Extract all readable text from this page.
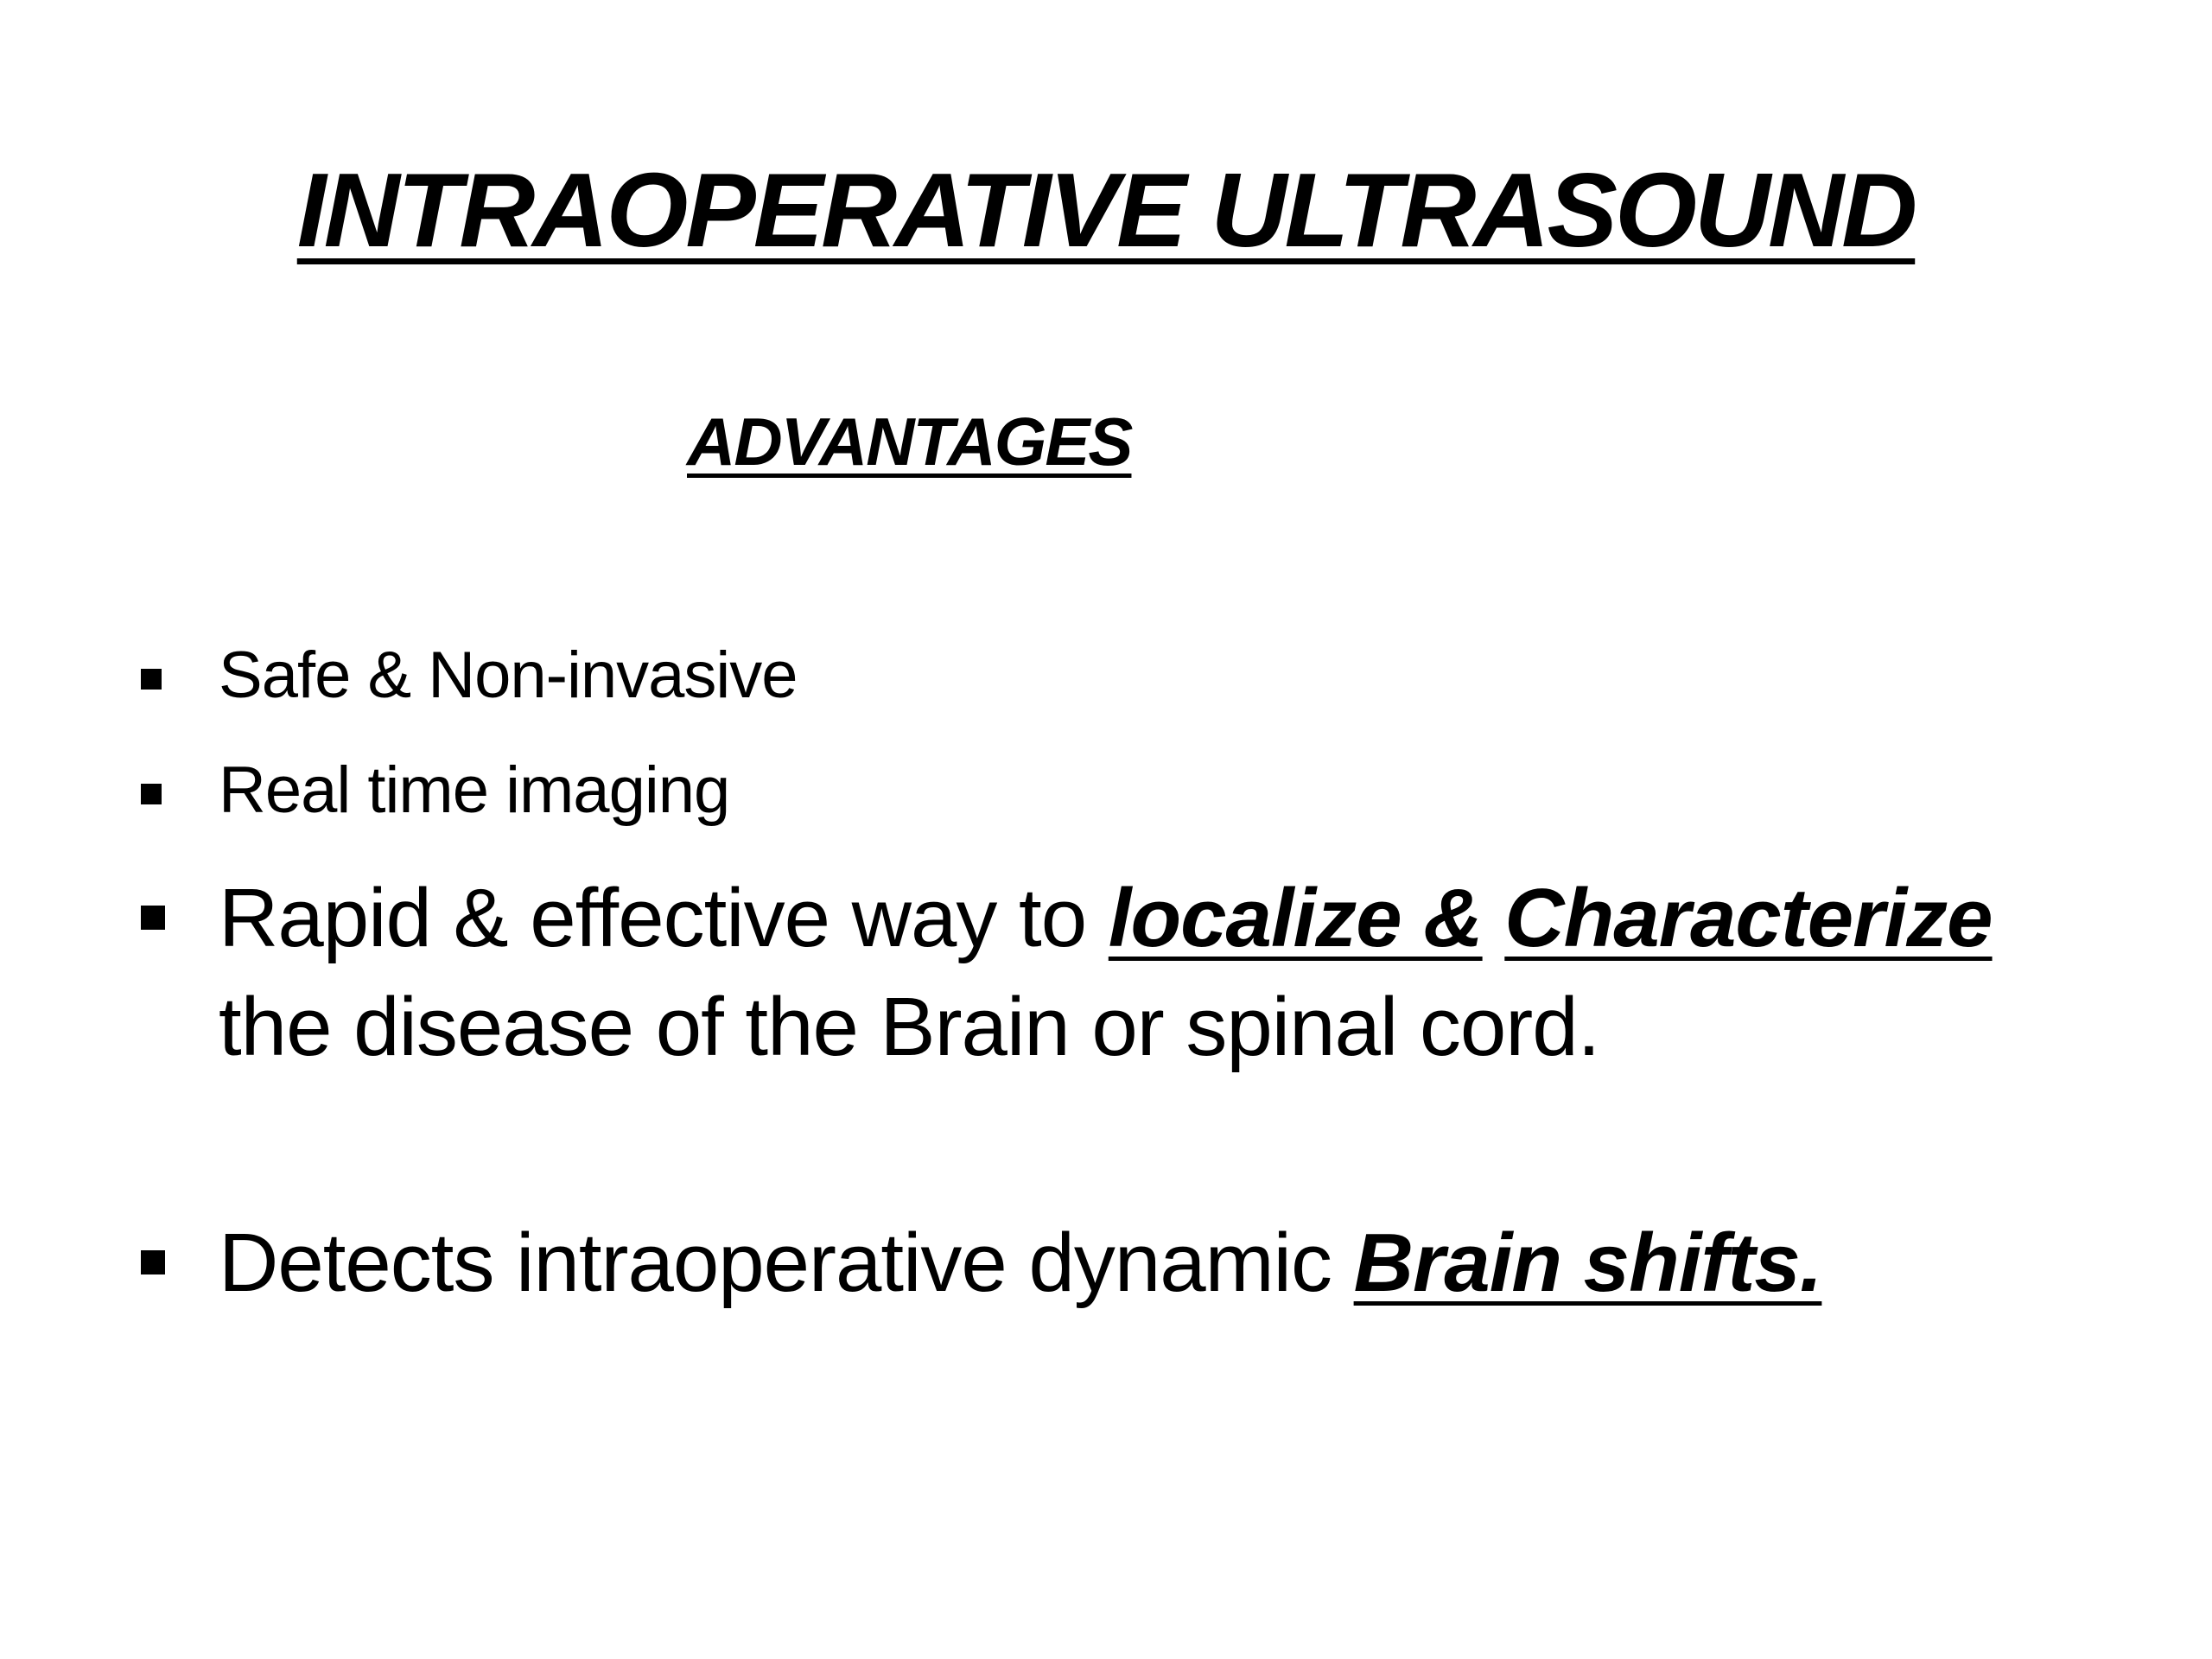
INTRAOPERATIVE ULTRASOUND
ADVANTAGES
Safe & Non-invasive
Real time imaging
Rapid & effective way to localize & Characterize the disease of the Brain or spinal cord.
Detects intraoperative dynamic Brain shifts.
